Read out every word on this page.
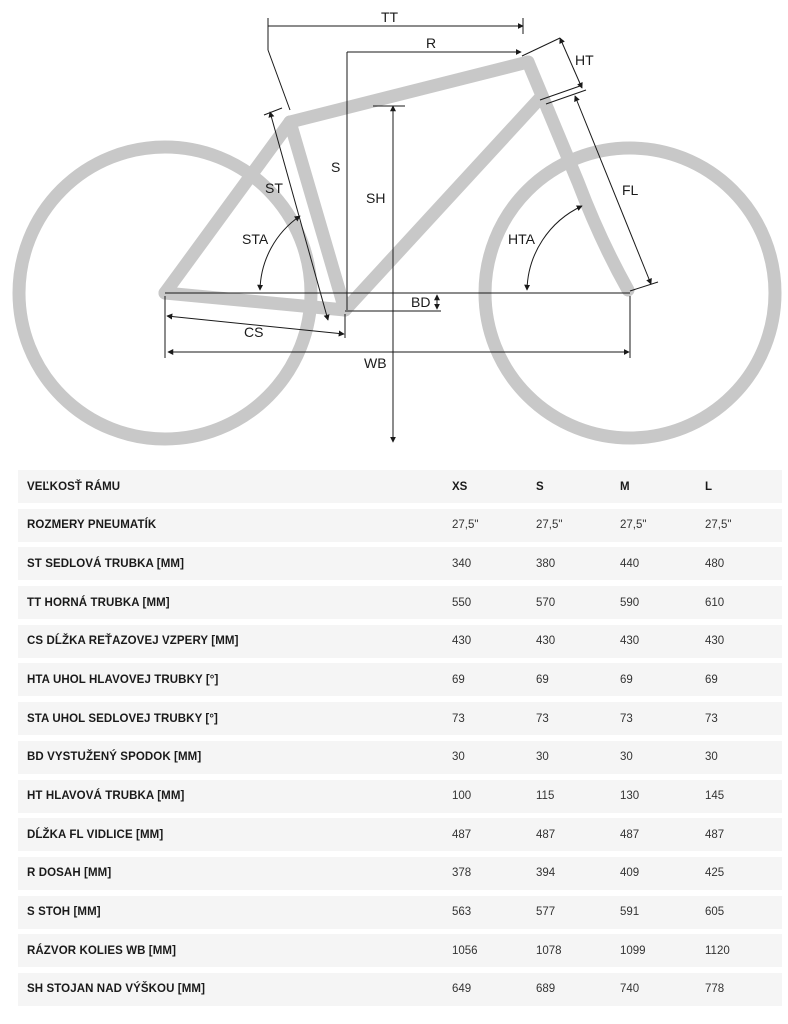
TT
R
HT
S
SH
ST
STA
FL
HTA
BD
CS
WB
VEĽKOSŤ RÁMU	XS	S	M	L
ROZMERY PNEUMATÍK	27,5"	27,5"	27,5"	27,5"
ST SEDLOVÁ TRUBKA [MM]	340	380	440	480
TT HORNÁ TRUBKA [MM]	550	570	590	610
CS DĹŽKA REŤAZOVEJ VZPERY [MM]	430	430	430	430
HTA UHOL HLAVOVEJ TRUBKY [°]	69	69	69	69
STA UHOL SEDLOVEJ TRUBKY [°]	73	73	73	73
BD VYSTUŽENÝ SPODOK [MM]	30	30	30	30
HT HLAVOVÁ TRUBKA [MM]	100	115	130	145
DĹŽKA FL VIDLICE [MM]	487	487	487	487
R DOSAH [MM]	378	394	409	425
S STOH [MM]	563	577	591	605
RÁZVOR KOLIES WB [MM]	1056	1078	1099	1120
SH STOJAN NAD VÝŠKOU [MM]	649	689	740	778
